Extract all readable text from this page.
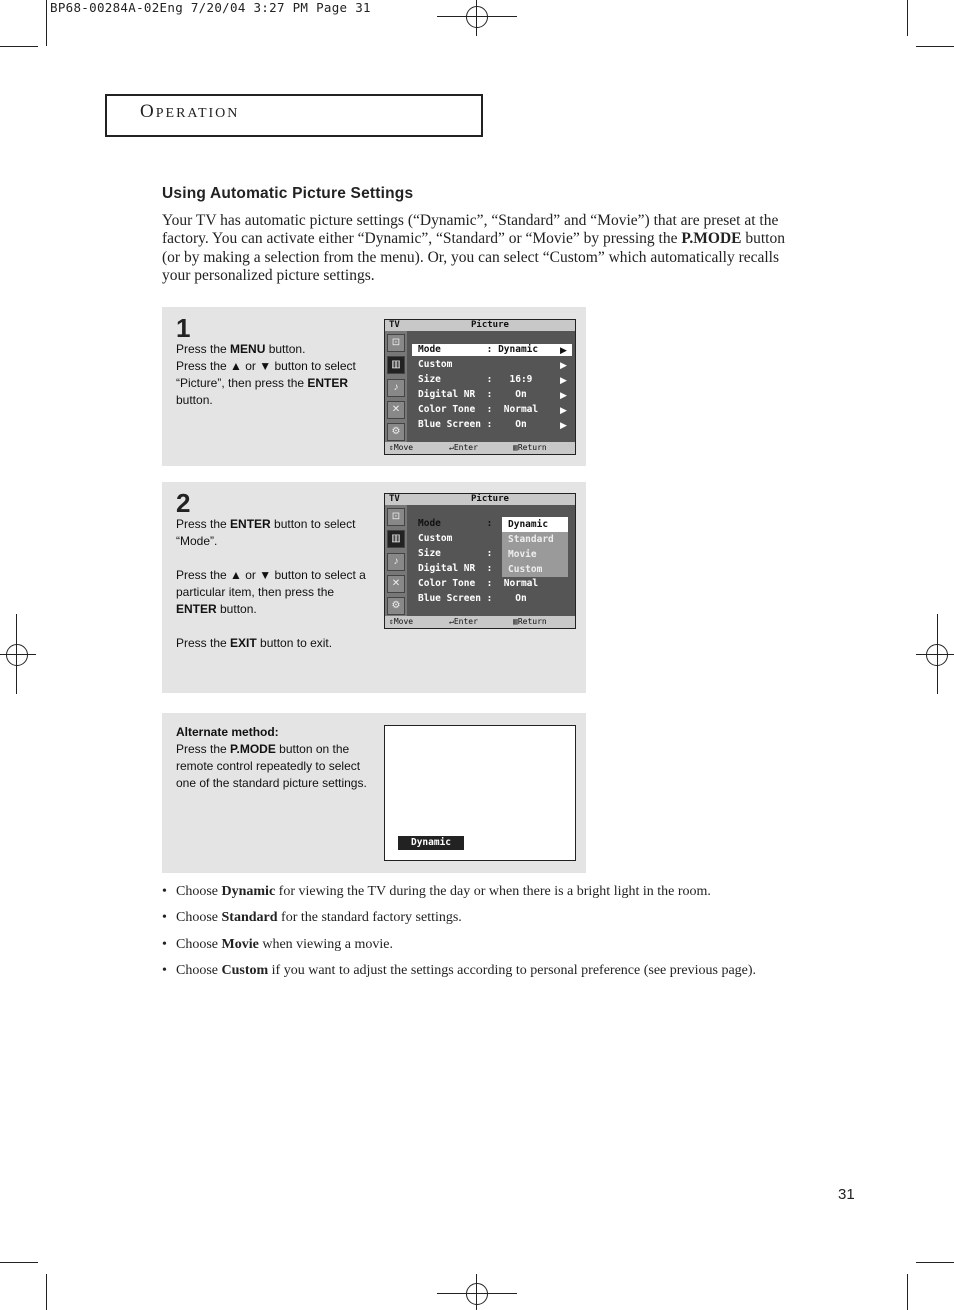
BP68-00284A-02Eng 7/20/04 3:27 PM Page 31
OPERATION
Using Automatic Picture Settings
Your TV has automatic picture settings (“Dynamic”, “Standard” and “Movie”) that are preset at the factory. You can activate either “Dynamic”, “Standard” or “Movie” by pressing the P.MODE button (or by making a selection from the menu). Or, you can select “Custom” which automatically recalls your personalized picture settings.
1
Press the MENU button.
Press the ▲ or ▼ button to select “Picture”, then press the ENTER button.
TV	Picture
⊡
▥
♪
✕
⚙
Mode        : Dynamic	▶
Custom	▶
Size        :   16:9	▶
Digital NR  :    On	▶
Color Tone  :  Normal ▶
Blue Screen :    On	▶
⇕Move	↵Enter	▥Return
2
Press the ENTER button to select “Mode”.

Press the ▲ or ▼ button to select a particular item, then press the ENTER button.

Press the EXIT button to exit.
TV	Picture
⊡
▥
♪
✕
⚙
Mode        :
Custom
Size        :
Digital NR  :
Color Tone  :  Normal
Blue Screen :    On
Dynamic
Standard
Movie
Custom
⇕Move	↵Enter	▥Return
Alternate method:
Press the P.MODE button on the remote control repeatedly to select one of the standard picture settings.
Dynamic
• Choose Dynamic for viewing the TV during the day or when there is a bright light in the room.
• Choose Standard for the standard factory settings.
• Choose Movie when viewing a movie.
• Choose Custom if you want to adjust the settings according to personal preference (see previous page).
31
